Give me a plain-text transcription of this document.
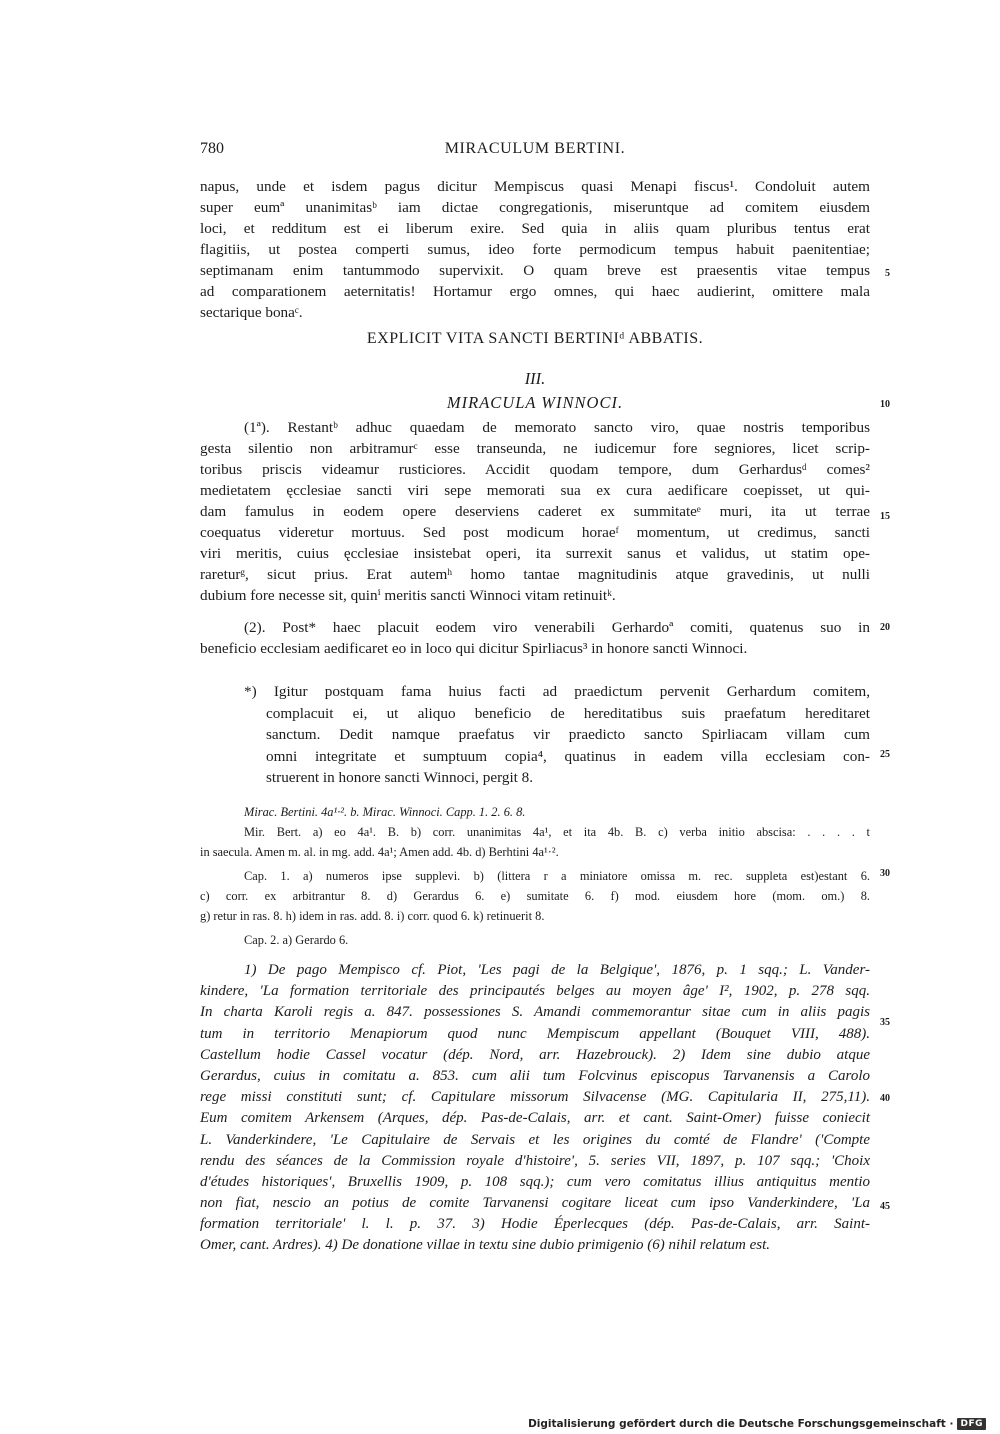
780	MIRACULUM BERTINI.
napus, unde et isdem pagus dicitur Mempiscus quasi Menapi fiscus¹. Condoluit autem
super eumª unanimitasᵇ iam dictae congregationis, miseruntque ad comitem eiusdem
loci, et redditum est ei liberum exire. Sed quia in aliis quam pluribus tentus erat
flagitiis, ut postea comperti sumus, ideo forte permodicum tempus habuit paenitentiae;
septimanam enim tantummodo supervixit. O quam breve est praesentis vitae tempus
ad comparationem aeternitatis! Hortamur ergo omnes, qui haec audierint, omittere mala
sectarique bonaᶜ.
EXPLICIT VITA SANCTI BERTINIᵈ ABBATIS.
III.
MIRACULA WINNOCI.
(1ª). Restantᵇ adhuc quaedam de memorato sancto viro, quae nostris temporibus
gesta silentio non arbitramurᶜ esse transeunda, ne iudicemur fore segniores, licet scrip-
toribus priscis videamur rusticiores. Accidit quodam tempore, dum Gerhardusᵈ comes²
medietatem ęcclesiae sancti viri sepe memorati sua ex cura aedificare coepisset, ut qui-
dam famulus in eodem opere deserviens caderet ex summitateᵉ muri, ita ut terrae
coequatus videretur mortuus. Sed post modicum horaeᶠ momentum, ut credimus, sancti
viri meritis, cuius ęcclesiae insistebat operi, ita surrexit sanus et validus, ut statim ope-
rareturᵍ, sicut prius. Erat autemʰ homo tantae magnitudinis atque gravedinis, ut nulli
dubium fore necesse sit, quinⁱ meritis sancti Winnoci vitam retinuitᵏ.
(2). Post* haec placuit eodem viro venerabili Gerhardoª comiti, quatenus suo in
beneficio ecclesiam aedificaret eo in loco qui dicitur Spirliacus³ in honore sancti Winnoci.
*) Igitur postquam fama huius facti ad praedictum pervenit Gerhardum comitem,
complacuit ei, ut aliquo beneficio de hereditatibus suis praefatum hereditaret
sanctum. Dedit namque praefatus vir praedicto sancto Spirliacam villam cum
omni integritate et sumptuum copia⁴, quatinus in eadem villa ecclesiam con-
struerent in honore sancti Winnoci, pergit 8.
Mirac. Bertini. 4a¹·². b. Mirac. Winnoci. Capp. 1. 2. 6. 8.
Mir. Bert. a) eo 4a¹. B. b) corr. unanimitas 4a¹, et ita 4b. B. c) verba initio abscisa: . . . . t
in saecula. Amen m. al. in mg. add. 4a¹; Amen add. 4b. d) Berhtini 4a¹·².
Cap. 1. a) numeros ipse supplevi. b) (littera r a miniatore omissa m. rec. suppleta est)estant 6.
c) corr. ex arbitrantur 8. d) Gerardus 6. e) sumitate 6. f) mod. eiusdem hore (mom. om.) 8.
g) retur in ras. 8. h) idem in ras. add. 8. i) corr. quod 6. k) retinuerit 8.
Cap. 2. a) Gerardo 6.
1) De pago Mempisco cf. Piot, 'Les pagi de la Belgique', 1876, p. 1 sqq.; L. Vander-
kindere, 'La formation territoriale des principautés belges au moyen âge' I², 1902, p. 278 sqq.
In charta Karoli regis a. 847. possessiones S. Amandi commemorantur sitae cum in aliis pagis
tum in territorio Menapiorum quod nunc Mempiscum appellant (Bouquet VIII, 488).
Castellum hodie Cassel vocatur (dép. Nord, arr. Hazebrouck). 2) Idem sine dubio atque
Gerardus, cuius in comitatu a. 853. cum alii tum Folcvinus episcopus Tarvanensis a Carolo
rege missi constituti sunt; cf. Capitulare missorum Silvacense (MG. Capitularia II, 275,11).
Eum comitem Arkensem (Arques, dép. Pas-de-Calais, arr. et cant. Saint-Omer) fuisse coniecit
L. Vanderkindere, 'Le Capitulaire de Servais et les origines du comté de Flandre' ('Compte
rendu des séances de la Commission royale d'histoire', 5. series VII, 1897, p. 107 sqq.; 'Choix
d'études historiques', Bruxellis 1909, p. 108 sqq.); cum vero comitatus illius antiquitus mentio
non fiat, nescio an potius de comite Tarvanensi cogitare liceat cum ipso Vanderkindere, 'La
formation territoriale' l. l. p. 37. 3) Hodie Éperlecques (dép. Pas-de-Calais, arr. Saint-
Omer, cant. Ardres). 4) De donatione villae in textu sine dubio primigenio (6) nihil relatum est.
5
10
15
20
25
30
35
40
45
Digitalisierung gefördert durch die Deutsche Forschungsgemeinschaft · DFG
